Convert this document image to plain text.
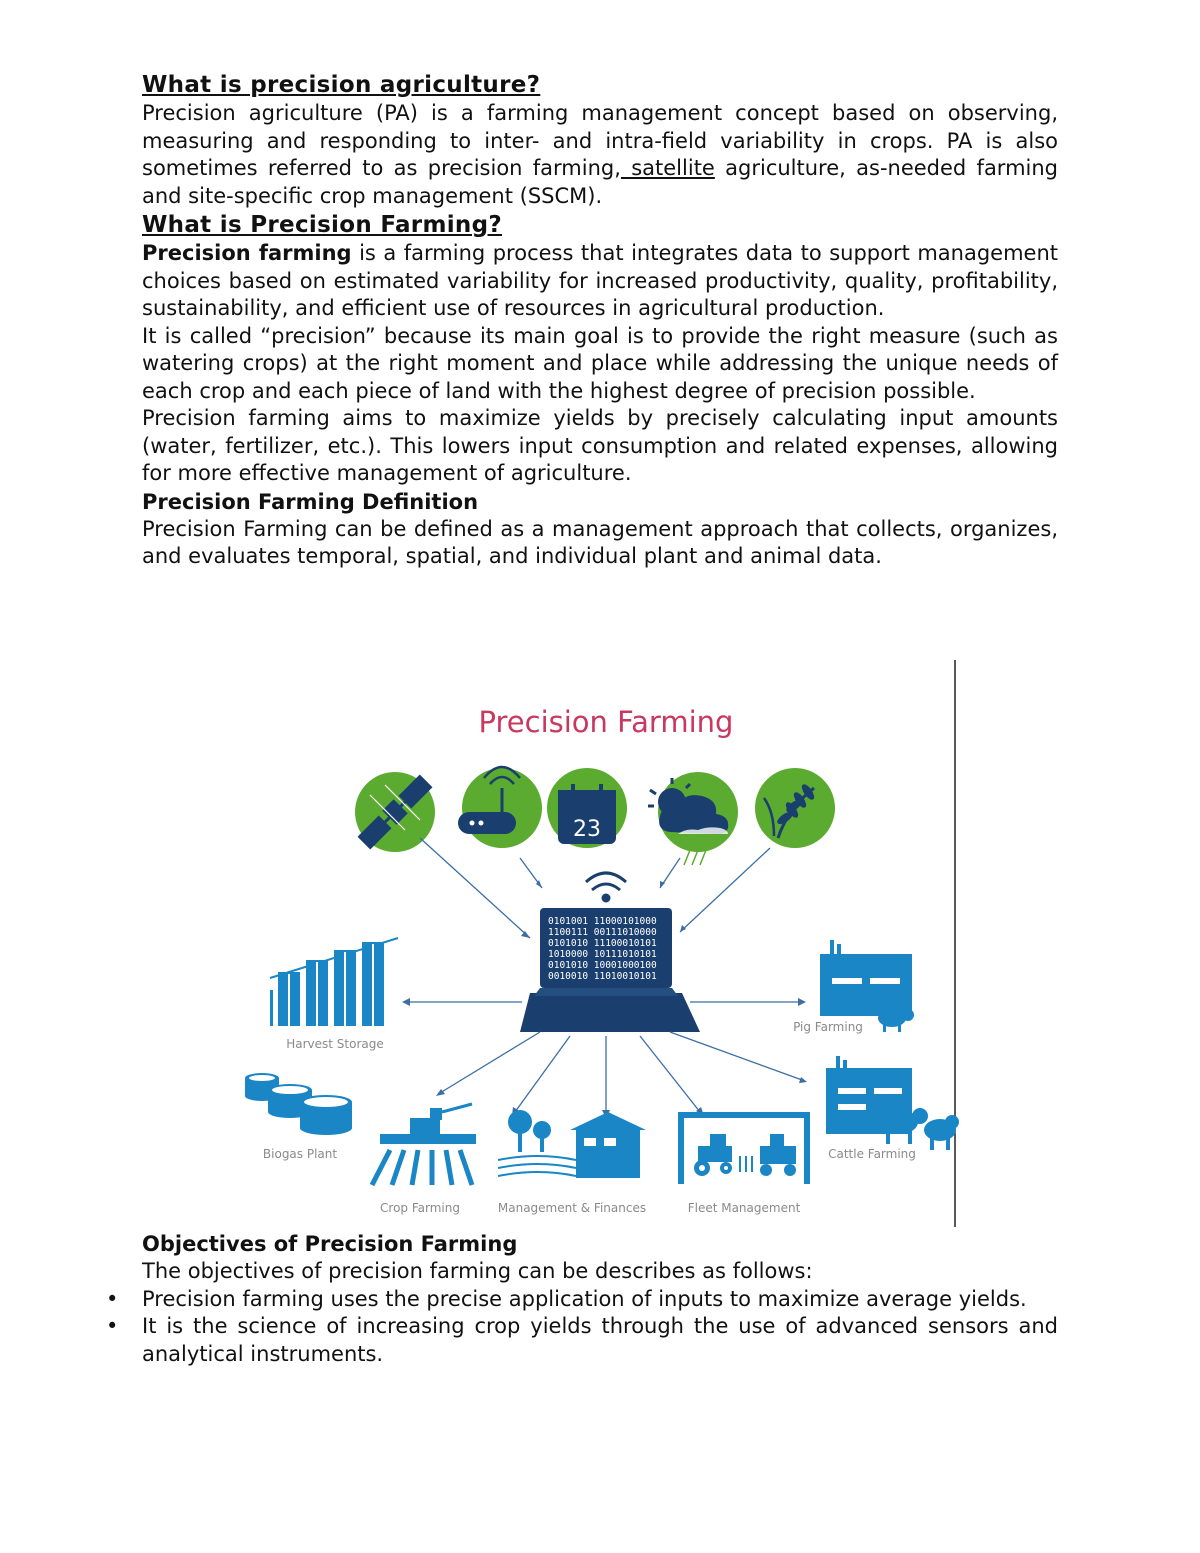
What is precision agriculture?

Precision agriculture (PA) is a farming management concept based on observing, measuring and responding to inter- and intra-field variability in crops. PA is also sometimes referred to as precision farming, satellite agriculture, as-needed farming and site-specific crop management (SSCM).

What is Precision Farming?

Precision farming is a farming process that integrates data to support management choices based on estimated variability for increased productivity, quality, profitability, sustainability, and efficient use of resources in agricultural production.

It is called “precision” because its main goal is to provide the right measure (such as watering crops) at the right moment and place while addressing the unique needs of each crop and each piece of land with the highest degree of precision possible.

Precision farming aims to maximize yields by precisely calculating input amounts (water, fertilizer, etc.). This lowers input consumption and related expenses, allowing for more effective management of agriculture.

Precision Farming Definition

Precision Farming can be defined as a management approach that collects, organizes, and evaluates temporal, spatial, and individual plant and animal data.

Precision Farming
23
0101001 11000101000
1100111 00111010000
0101010 11100010101
1010000 10111010101
0101010 10001000100
0010010 11010010101
Harvest Storage
Pig Farming
Biogas Plant
Crop Farming	Management & Finances	Fleet Management
Cattle Farming
Objectives of Precision Farming

The objectives of precision farming can be describes as follows:

• Precision farming uses the precise application of inputs to maximize average yields.
• It is the science of increasing crop yields through the use of advanced sensors and analytical instruments.
